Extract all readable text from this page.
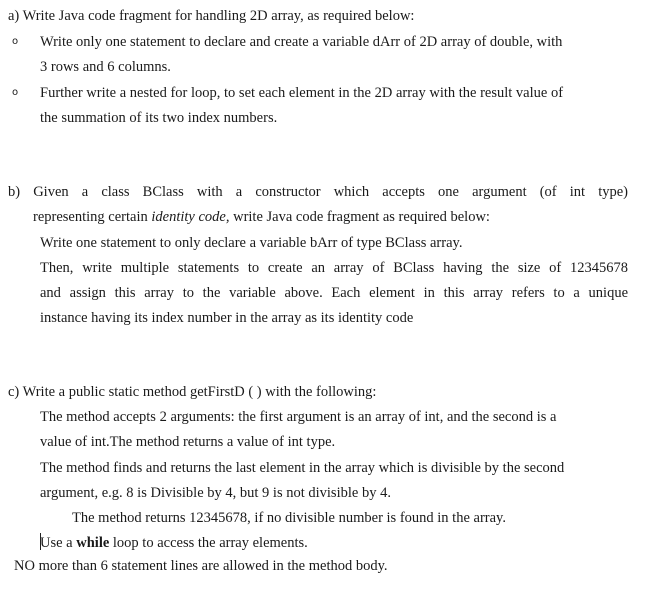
a) Write Java code fragment for handling 2D array, as required below:
o Write only one statement to declare and create a variable dArr of 2D array of double, with
3 rows and 6 columns.
o Further write a nested for loop, to set each element in the 2D array with the result value of
the summation of its two index numbers.
b) Given a class BClass with a constructor which accepts one argument (of int type)
representing certain identity code, write Java code fragment as required below:
Write one statement to only declare a variable bArr of type BClass array.
Then, write multiple statements to create an array of BClass having the size of 12345678
and assign this array to the variable above. Each element in this array refers to a unique
instance having its index number in the array as its identity code
c) Write a public static method getFirstD ( ) with the following:
The method accepts 2 arguments: the first argument is an array of int, and the second is a
value of int.The method returns a value of int type.
The method finds and returns the last element in the array which is divisible by the second
argument, e.g. 8 is Divisible by 4, but 9 is not divisible by 4.
The method returns 12345678, if no divisible number is found in the array.
Use a while loop to access the array elements.
NO more than 6 statement lines are allowed in the method body.
